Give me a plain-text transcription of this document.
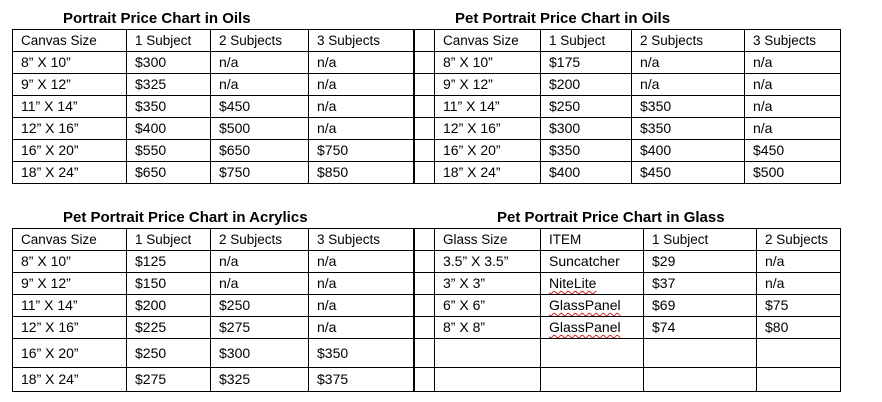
Portrait Price Chart in Oils
Canvas Size	1 Subject	2 Subjects	3 Subjects
8” X 10”	$300	n/a	n/a
9” X 12”	$325	n/a	n/a
11” X 14”	$350	$450	n/a
12” X 16”	$400	$500	n/a
16” X 20”	$550	$650	$750
18” X 24”	$650	$750	$850

Pet Portrait Price Chart in Oils
Canvas Size	1 Subject	2 Subjects	3 Subjects
8” X 10”	$175	n/a	n/a
9” X 12”	$200	n/a	n/a
11” X 14”	$250	$350	n/a
12” X 16”	$300	$350	n/a
16” X 20”	$350	$400	$450
18” X 24”	$400	$450	$500
Pet Portrait Price Chart in Acrylics
Canvas Size	1 Subject	2 Subjects	3 Subjects
8” X 10”	$125	n/a	n/a
9” X 12”	$150	n/a	n/a
11” X 14”	$200	$250	n/a
12” X 16”	$225	$275	n/a
16” X 20”	$250	$300	$350
18” X 24”	$275	$325	$375

Pet Portrait Price Chart in Glass
Glass Size	ITEM	1 Subject	2 Subjects
3.5” X 3.5”	Suncatcher	$29	n/a
3” X 3”	NiteLite	$37	n/a
6” X 6”	GlassPanel	$69	$75
8” X 8”	GlassPanel	$74	$80
